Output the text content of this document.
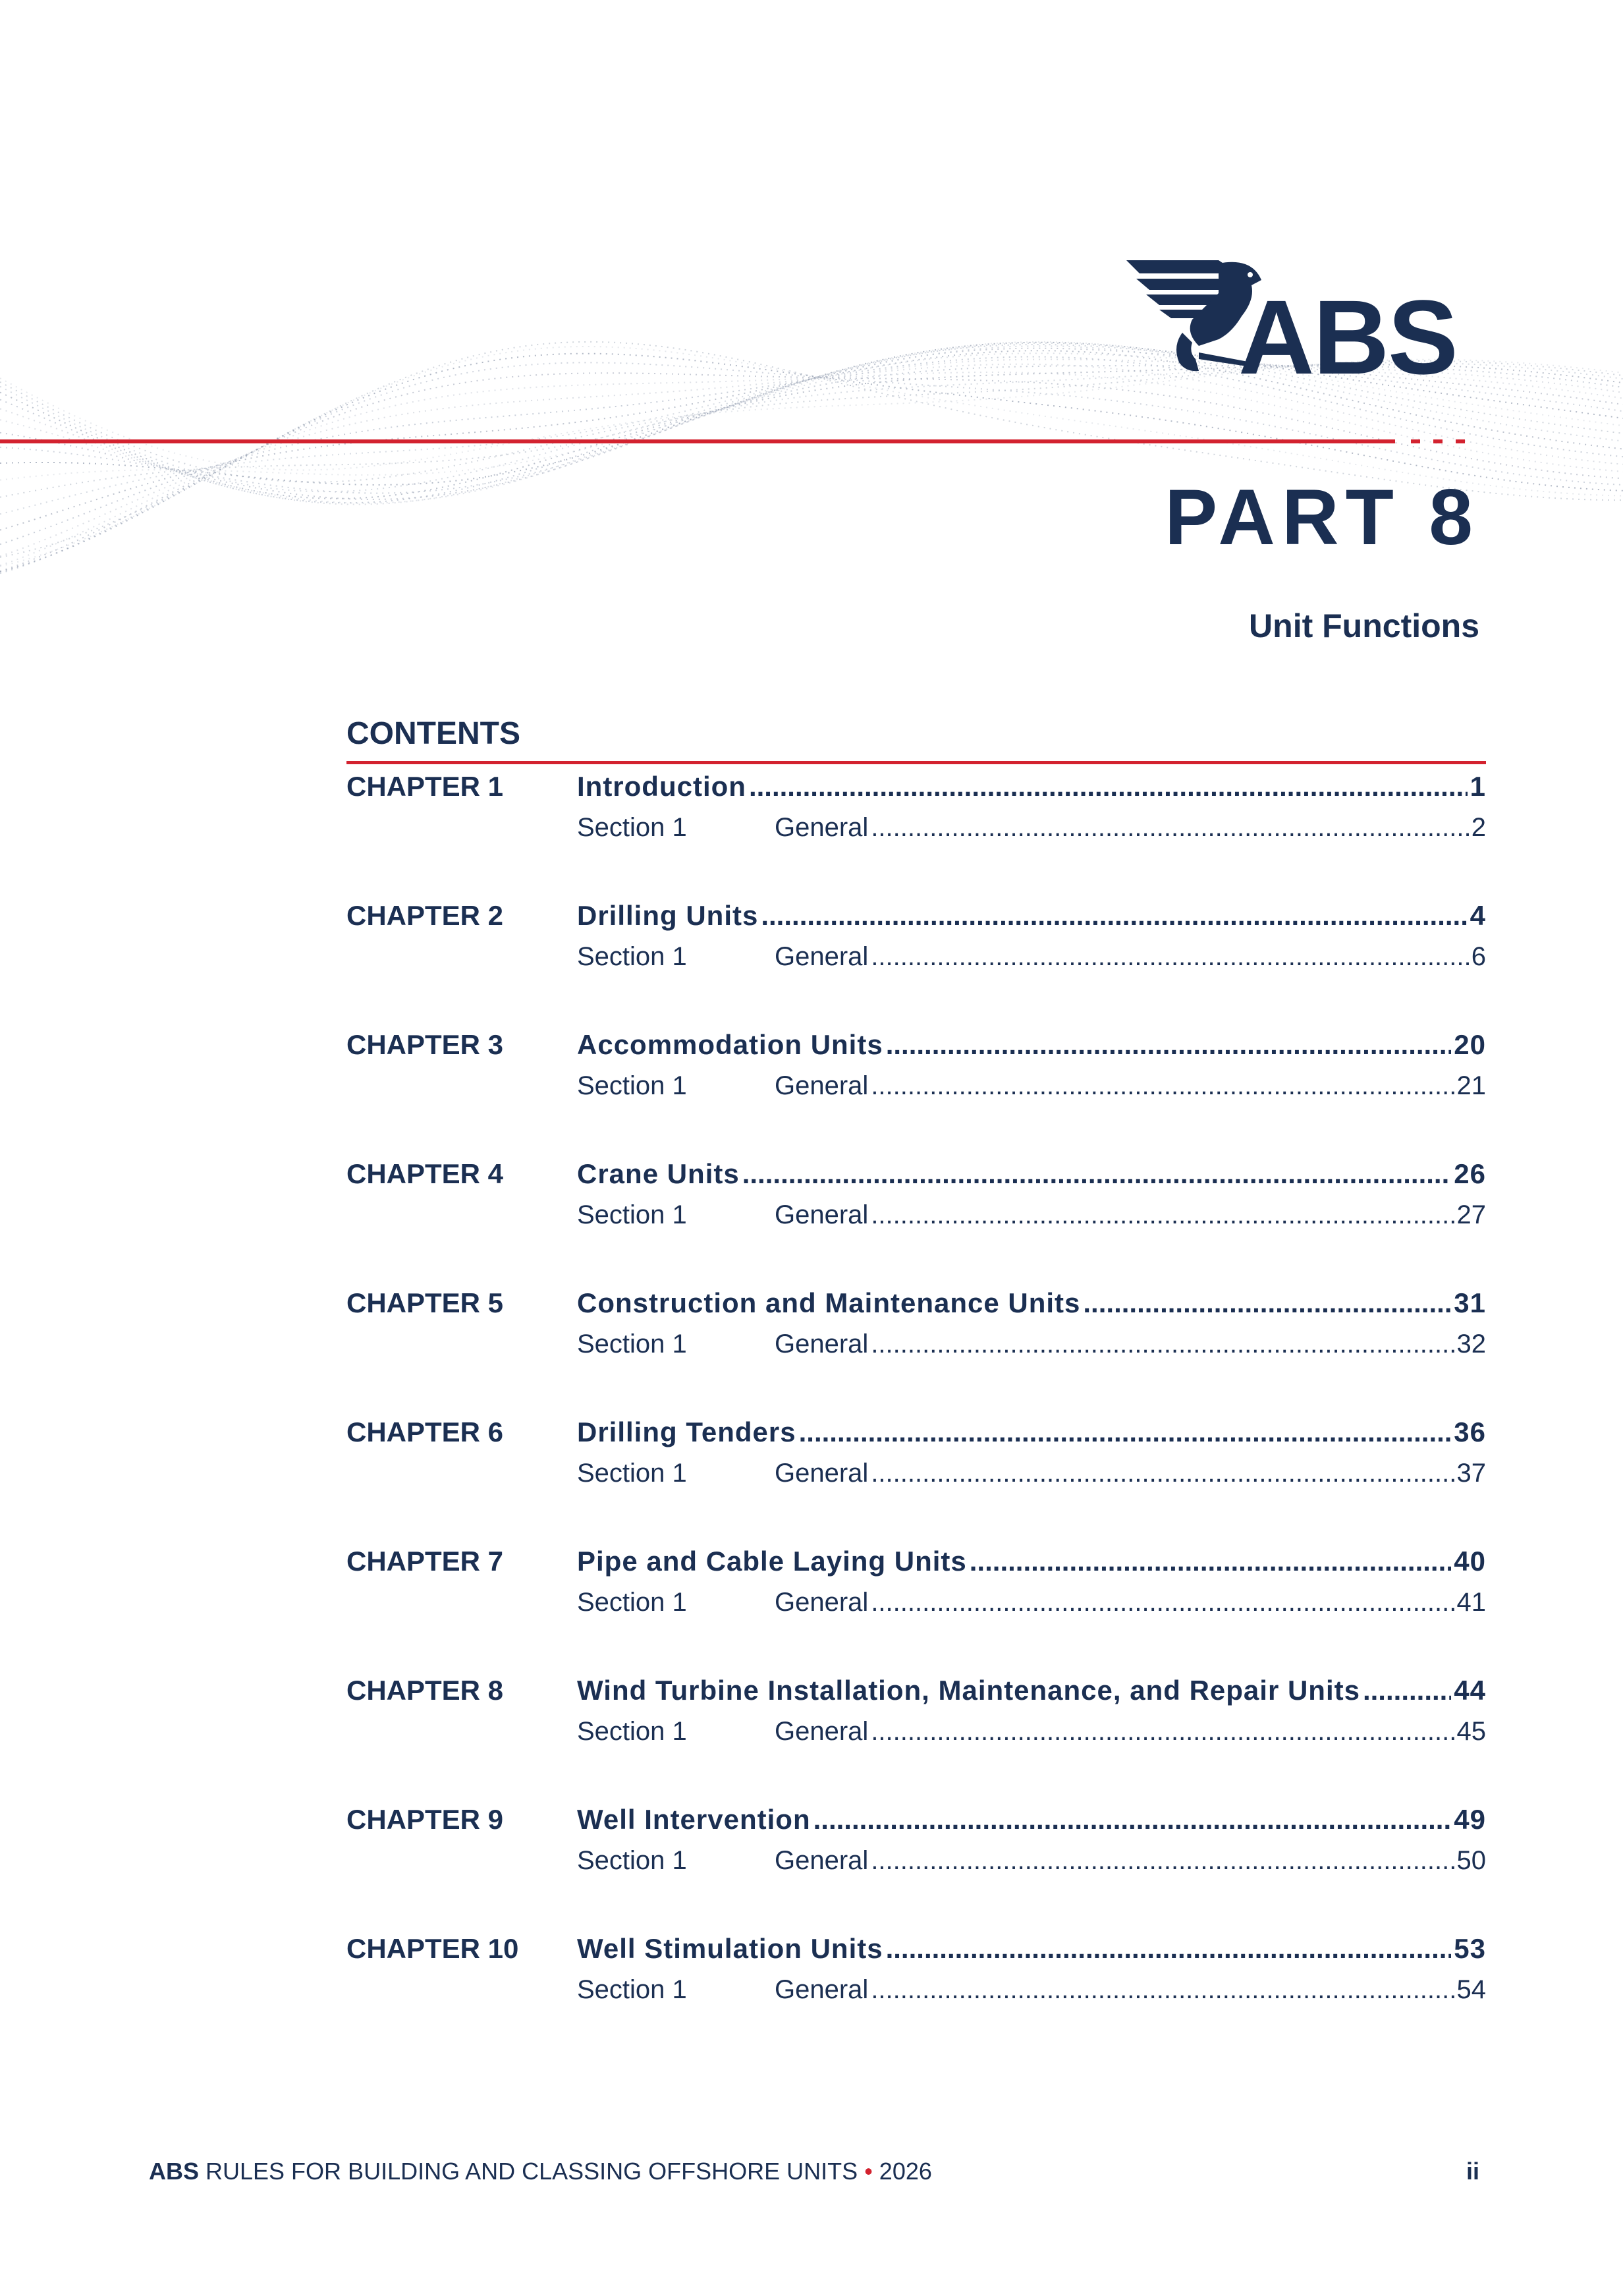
ABS
PART 8
Unit Functions
CONTENTS
CHAPTER 1	Introduction .....	1
Section 1	General .....	2
CHAPTER 2	Drilling Units .....	4
Section 1	General .....	6
CHAPTER 3	Accommodation Units .....	20
Section 1	General .....	21
CHAPTER 4	Crane Units .....	26
Section 1	General .....	27
CHAPTER 5	Construction and Maintenance Units .....	31
Section 1	General .....	32
CHAPTER 6	Drilling Tenders .....	36
Section 1	General .....	37
CHAPTER 7	Pipe and Cable Laying Units .....	40
Section 1	General .....	41
CHAPTER 8	Wind Turbine Installation, Maintenance, and Repair Units .....	44
Section 1	General .....	45
CHAPTER 9	Well Intervention .....	49
Section 1	General .....	50
CHAPTER 10 Well Stimulation Units .....	53
Section 1	General .....	54
ABS RULES FOR BUILDING AND CLASSING OFFSHORE UNITS • 2026	ii
